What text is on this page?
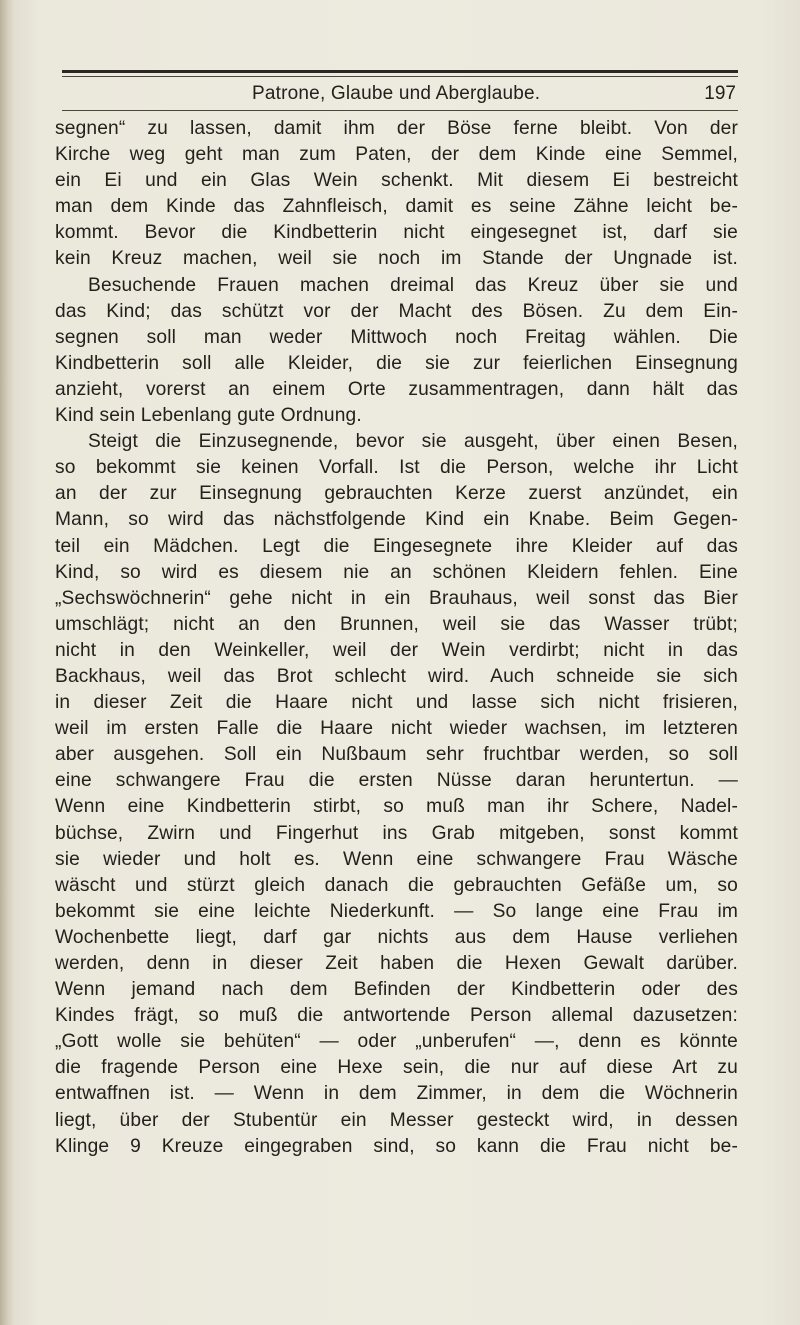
Patrone, Glaube und Aberglaube.	197
segnen“ zu lassen, damit ihm der Böse ferne bleibt. Von der
Kirche weg geht man zum Paten, der dem Kinde eine Semmel,
ein Ei und ein Glas Wein schenkt. Mit diesem Ei bestreicht
man dem Kinde das Zahnfleisch, damit es seine Zähne leicht be-
kommt. Bevor die Kindbetterin nicht eingesegnet ist, darf sie
kein Kreuz machen, weil sie noch im Stande der Ungnade ist.
Besuchende Frauen machen dreimal das Kreuz über sie und
das Kind; das schützt vor der Macht des Bösen. Zu dem Ein-
segnen soll man weder Mittwoch noch Freitag wählen. Die
Kindbetterin soll alle Kleider, die sie zur feierlichen Einsegnung
anzieht, vorerst an einem Orte zusammentragen, dann hält das
Kind sein Lebenlang gute Ordnung.
Steigt die Einzusegnende, bevor sie ausgeht, über einen Besen,
so bekommt sie keinen Vorfall. Ist die Person, welche ihr Licht
an der zur Einsegnung gebrauchten Kerze zuerst anzündet, ein
Mann, so wird das nächstfolgende Kind ein Knabe. Beim Gegen-
teil ein Mädchen. Legt die Eingesegnete ihre Kleider auf das
Kind, so wird es diesem nie an schönen Kleidern fehlen. Eine
„Sechswöchnerin“ gehe nicht in ein Brauhaus, weil sonst das Bier
umschlägt; nicht an den Brunnen, weil sie das Wasser trübt;
nicht in den Weinkeller, weil der Wein verdirbt; nicht in das
Backhaus, weil das Brot schlecht wird. Auch schneide sie sich
in dieser Zeit die Haare nicht und lasse sich nicht frisieren,
weil im ersten Falle die Haare nicht wieder wachsen, im letzteren
aber ausgehen. Soll ein Nußbaum sehr fruchtbar werden, so soll
eine schwangere Frau die ersten Nüsse daran heruntertun. —
Wenn eine Kindbetterin stirbt, so muß man ihr Schere, Nadel-
büchse, Zwirn und Fingerhut ins Grab mitgeben, sonst kommt
sie wieder und holt es. Wenn eine schwangere Frau Wäsche
wäscht und stürzt gleich danach die gebrauchten Gefäße um, so
bekommt sie eine leichte Niederkunft. — So lange eine Frau im
Wochenbette liegt, darf gar nichts aus dem Hause verliehen
werden, denn in dieser Zeit haben die Hexen Gewalt darüber.
Wenn jemand nach dem Befinden der Kindbetterin oder des
Kindes frägt, so muß die antwortende Person allemal dazusetzen:
„Gott wolle sie behüten“ — oder „unberufen“ —, denn es könnte
die fragende Person eine Hexe sein, die nur auf diese Art zu
entwaffnen ist. — Wenn in dem Zimmer, in dem die Wöchnerin
liegt, über der Stubentür ein Messer gesteckt wird, in dessen
Klinge 9 Kreuze eingegraben sind, so kann die Frau nicht be-
